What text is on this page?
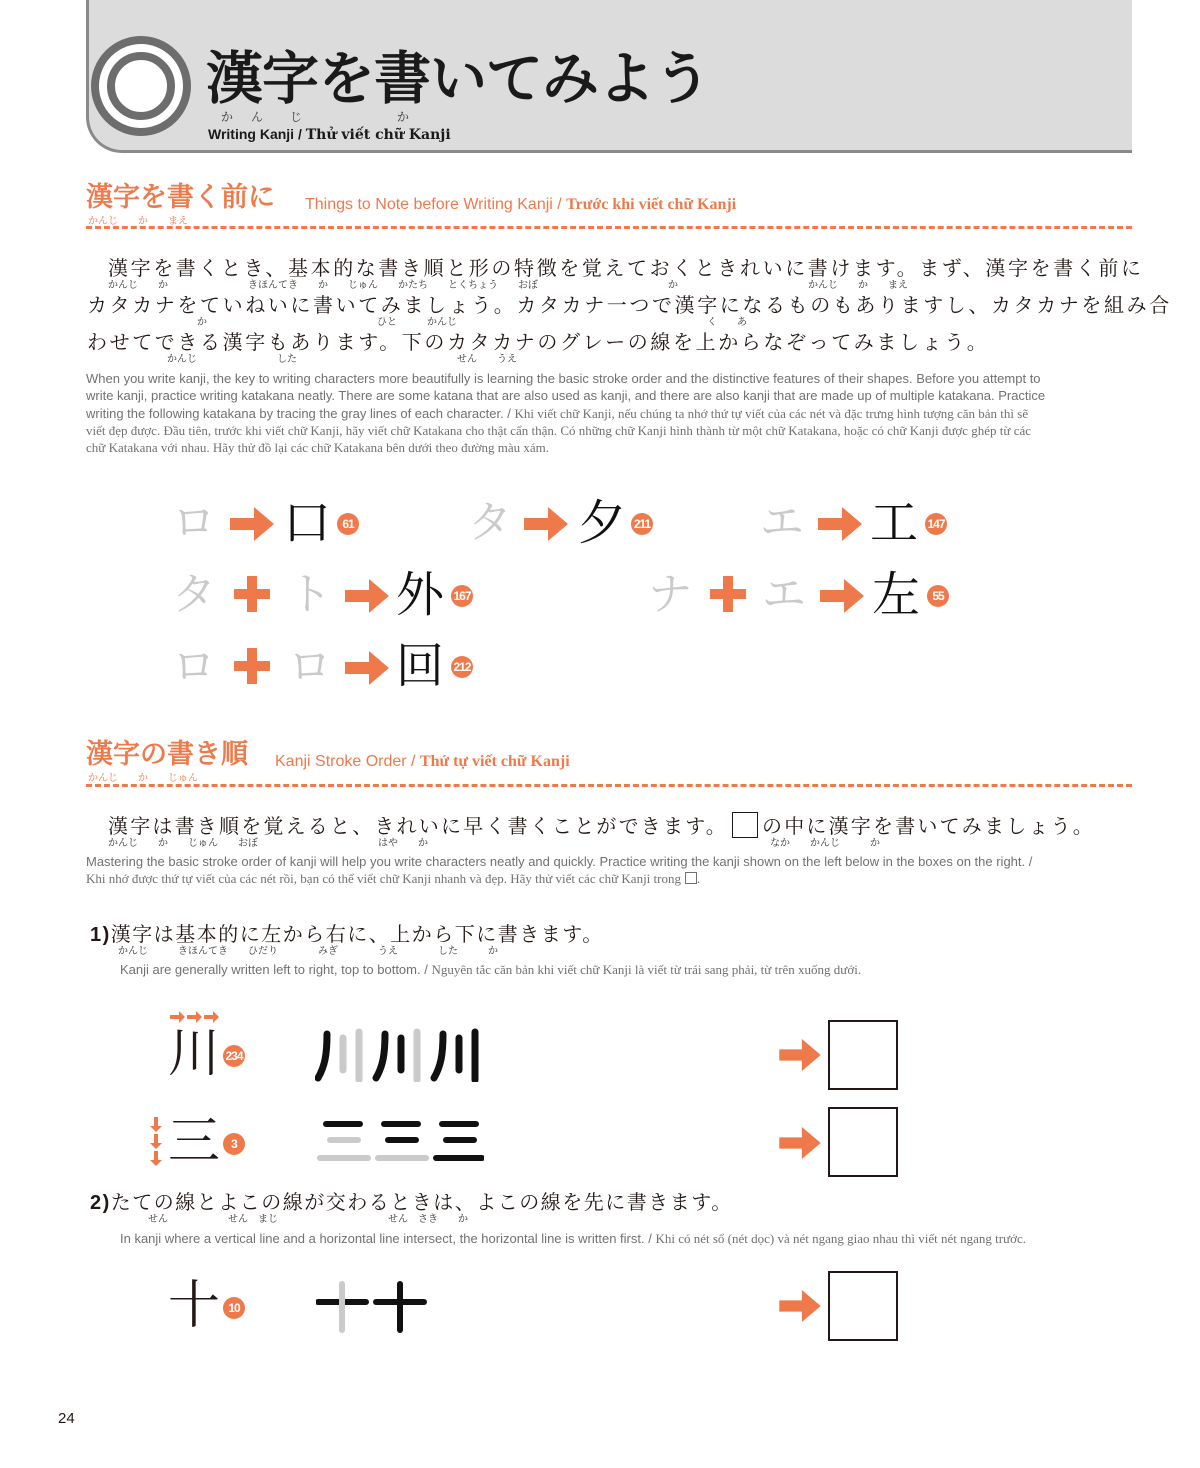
漢字を書いてみよう
か ん じ	か
Writing Kanji / Thử viết chữ Kanji
漢字を書く前に
かんじ　　か　　まえ
Things to Note before Writing Kanji / Trước khi viết chữ Kanji
漢字を書くとき、基本的な書き順と形の特徴を覚えておくときれいに書けます。まず、漢字を書く前に
かんじ　　か　　　　　　　　きほんてき　　か　　じゅん　　かたち　　とくちょう　　おぼ　　　　　　　　　　　　　か　　　　　　　　　　　　　かんじ　　か　　まえ
カタカナをていねいに書いてみましょう。カタカナ一つで漢字になるものもありますし、カタカナを組み合
　　　　　　　　　　　か　　　　　　　　　　　　　　　　　ひと　　　かんじ　　　　　　　　　　　　　　　　　　　　　　　　　く　　あ
わせてできる漢字もあります。下のカタカナのグレーの線を上からなぞってみましょう。
　　　　　　　　かんじ　　　　　　　　した　　　　　　　　　　　　　　　　せん　　うえ
When you write kanji, the key to writing characters more beautifully is learning the basic stroke order and the distinctive features of their shapes. Before you attempt to
write kanji, practice writing katakana neatly. There are some katana that are also used as kanji, and there are also kanji that are made up of multiple katakana. Practice
writing the following katakana by tracing the gray lines of each character. / Khi viết chữ Kanji, nếu chúng ta nhớ thứ tự viết của các nét và đặc trưng hình tượng căn bản thì sẽ
viết đẹp được. Đầu tiên, trước khi viết chữ Kanji, hãy viết chữ Katakana cho thật cẩn thận. Có những chữ Kanji hình thành từ một chữ Katakana, hoặc có chữ Kanji được ghép từ các
chữ Katakana với nhau. Hãy thử đồ lại các chữ Katakana bên dưới theo đường màu xám.
ロ 口 61	タ 夕 211 エ 工 147
タ ト 外 167	ナ エ 左	55
ロ ロ 回 212
漢字の書き順
かんじ　　か　　じゅん
Kanji Stroke Order / Thứ tự viết chữ Kanji
漢字は書き順を覚えると、きれいに早く書くことができます。 の中に漢字を書いてみましょう。
かんじ　　か　　じゅん　　おぼ　　　　　　　　　　　　はや　　か	なか　　かんじ　　　か
Mastering the basic stroke order of kanji will help you write characters neatly and quickly. Practice writing the kanji shown on the left below in the boxes on the right. /
Khi nhớ được thứ tự viết của các nét rồi, bạn có thể viết chữ Kanji nhanh và đẹp. Hãy thử viết các chữ Kanji trong .
1)漢字は基本的に左から右に、上から下に書きます。
かんじ　　　きほんてき　　ひだり　　　　みぎ　　　　うえ　　　　した　　　か
Kanji are generally written left to right, top to bottom. / Nguyên tắc căn bản khi viết chữ Kanji là viết từ trái sang phải, từ trên xuống dưới.
川 234
三 3
2)たての線とよこの線が交わるときは、よこの線を先に書きます。
　　　せん　　　　　　せん　まじ　　　　　　　　　　　せん　さき　　か
In kanji where a vertical line and a horizontal line intersect, the horizontal line is written first. / Khi có nét sổ (nét dọc) và nét ngang giao nhau thì viết nét ngang trước.
十 10
24
